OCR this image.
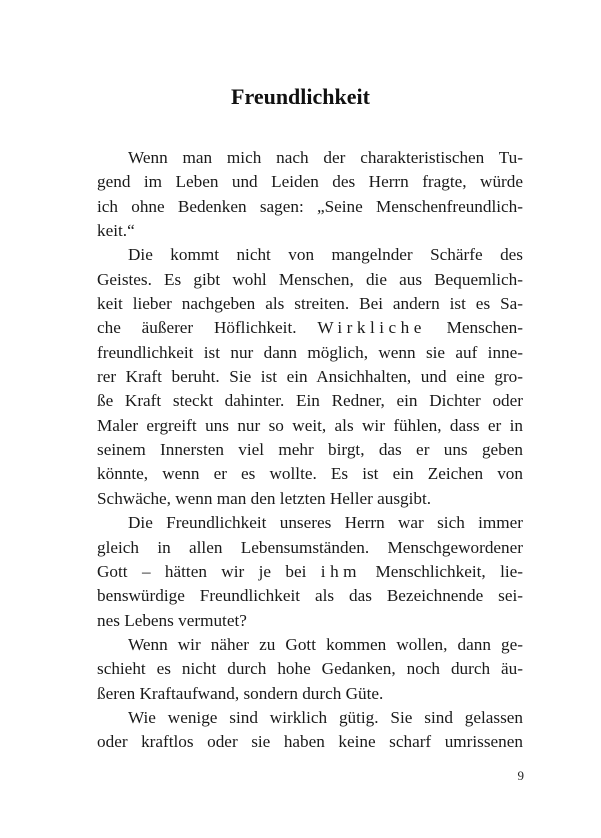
Freundlichkeit
Wenn man mich nach der charakteristischen Tu-
gend im Leben und Leiden des Herrn fragte, würde
ich ohne Bedenken sagen: „Seine Menschenfreundlich-
keit.“
Die kommt nicht von mangelnder Schärfe des
Geistes. Es gibt wohl Menschen, die aus Bequemlich-
keit lieber nachgeben als streiten. Bei andern ist es Sa-
che äußerer Höflichkeit. Wirkliche Menschen-
freundlichkeit ist nur dann möglich, wenn sie auf inne-
rer Kraft beruht. Sie ist ein Ansichhalten, und eine gro-
ße Kraft steckt dahinter. Ein Redner, ein Dichter oder
Maler ergreift uns nur so weit, als wir fühlen, dass er in
seinem Innersten viel mehr birgt, das er uns geben
könnte, wenn er es wollte. Es ist ein Zeichen von
Schwäche, wenn man den letzten Heller ausgibt.
Die Freundlichkeit unseres Herrn war sich immer
gleich in allen Lebensumständen. Menschgewordener
Gott – hätten wir je bei ihm Menschlichkeit, lie-
benswürdige Freundlichkeit als das Bezeichnende sei-
nes Lebens vermutet?
Wenn wir näher zu Gott kommen wollen, dann ge-
schieht es nicht durch hohe Gedanken, noch durch äu-
ßeren Kraftaufwand, sondern durch Güte.
Wie wenige sind wirklich gütig. Sie sind gelassen
oder kraftlos oder sie haben keine scharf umrissenen
9
